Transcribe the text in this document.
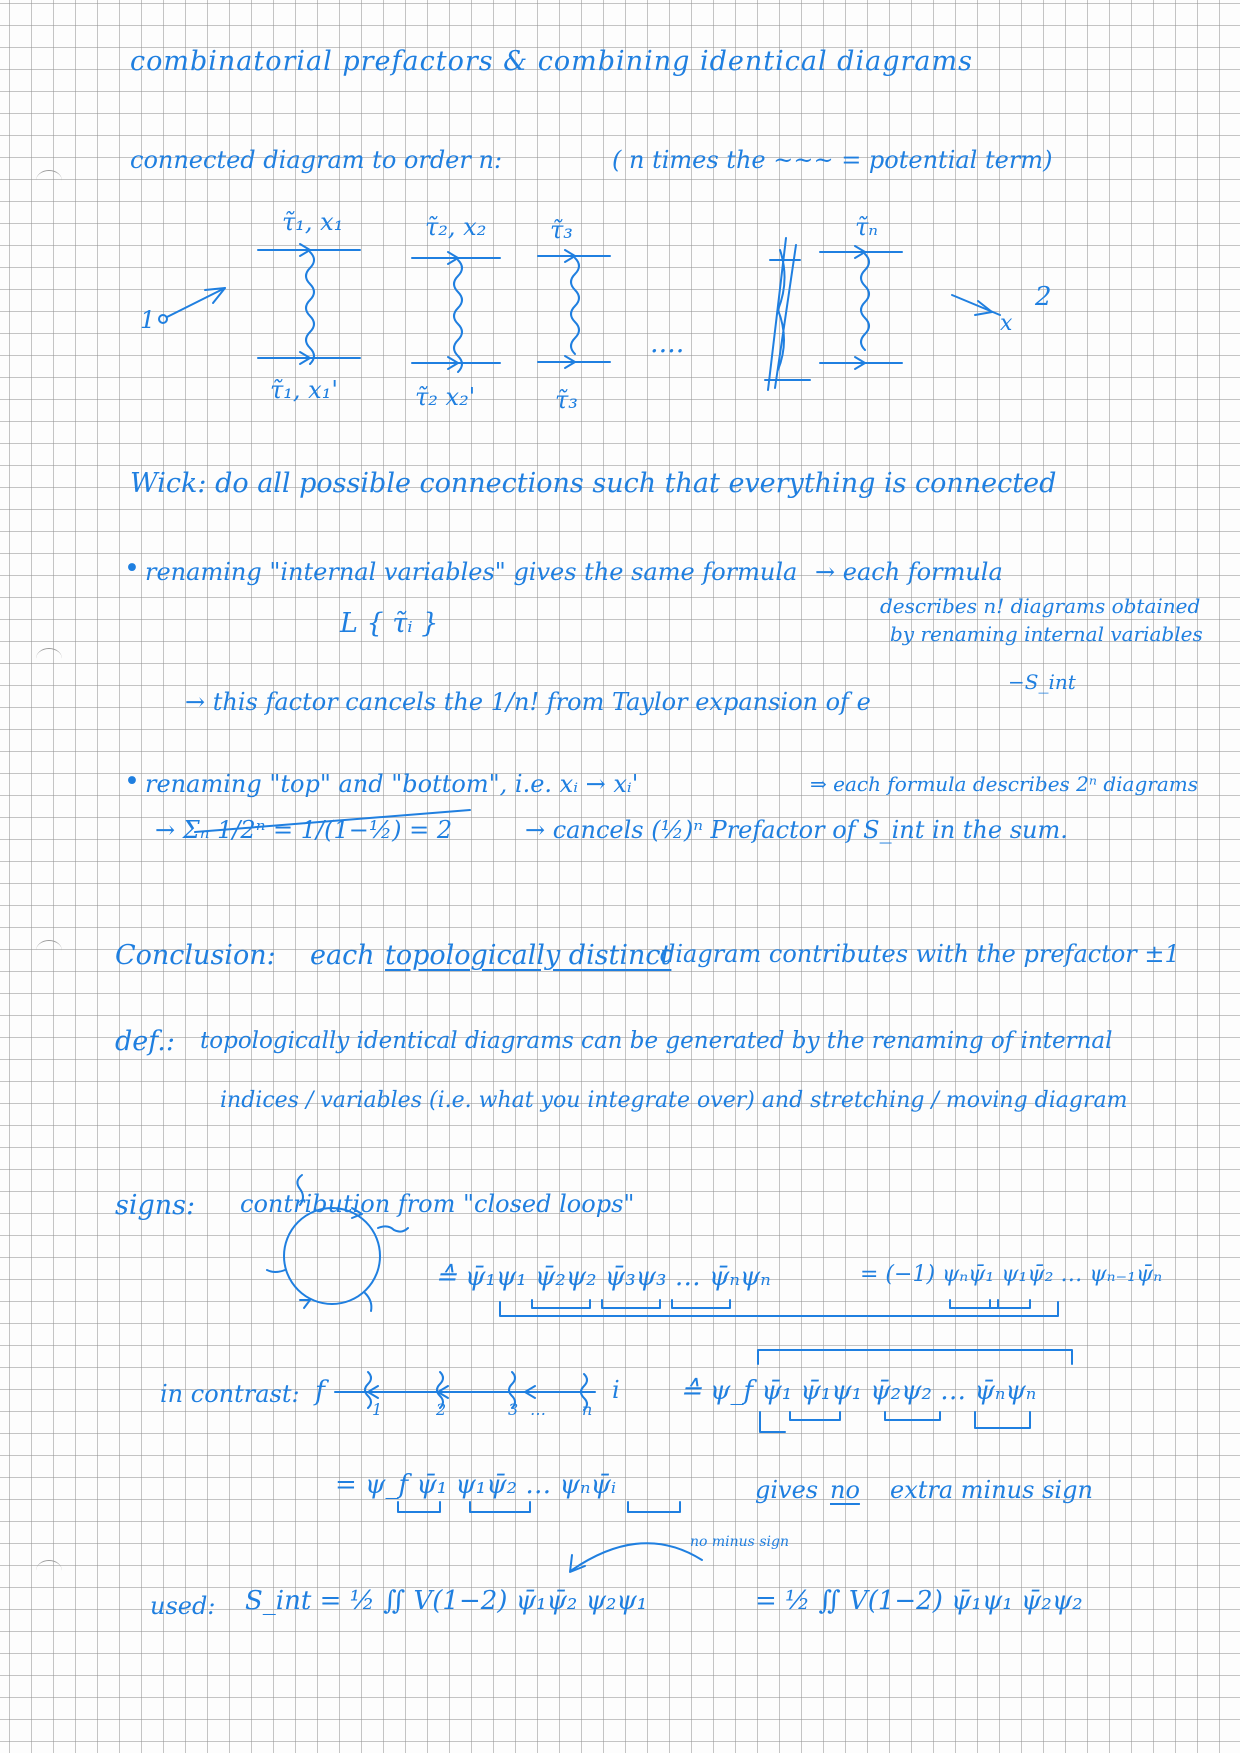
1	x
2
combinatorial prefactors & combining identical diagrams
connected diagram to order n:	( n times the ~~~ = potential term)
τ̃₁, x₁	τ̃₂, x₂	τ̃₃	τ̃ₙ
τ̃₁, x₁'	τ̃₂ x₂'	τ̃₃
....
Wick: do all possible connections such that everything is connected
• renaming "internal variables" gives the same formula → each formula
describes n! diagrams obtained
by renaming internal variables
L { τ̃ᵢ }
→ this factor cancels the 1/n! from Taylor expansion of e
−S_int
• renaming "top" and "bottom", i.e. xᵢ → xᵢ'	⇒ each formula describes 2ⁿ diagrams
→ Σₙ 1/2ⁿ = 1/(1−½) = 2	→ cancels (½)ⁿ Prefactor of S_int in the sum.
Conclusion: each topologically distinct
diagram contributes with the prefactor ±1
def.: topologically identical diagrams can be generated by the renaming of internal
indices / variables (i.e. what you integrate over) and stretching / moving diagram
signs: contribution from "closed loops"
≙ ψ̄₁ψ₁ ψ̄₂ψ₂ ψ̄₃ψ₃ … ψ̄ₙψₙ	= (−1) ψₙψ̄₁ ψ₁ψ̄₂ … ψₙ₋₁ψ̄ₙ
in contrast: f	i
1	2	3 … n
≙ ψ_f ψ̄₁ ψ̄₁ψ₁ ψ̄₂ψ₂ … ψ̄ₙψₙ
= ψ_f ψ̄₁ ψ₁ψ̄₂ … ψₙψ̄ᵢ	gives no extra minus sign
used: S_int = ½ ∬ V(1−2) ψ̄₁ψ̄₂ ψ₂ψ₁
no minus sign
= ½ ∬ V(1−2) ψ̄₁ψ₁ ψ̄₂ψ₂
